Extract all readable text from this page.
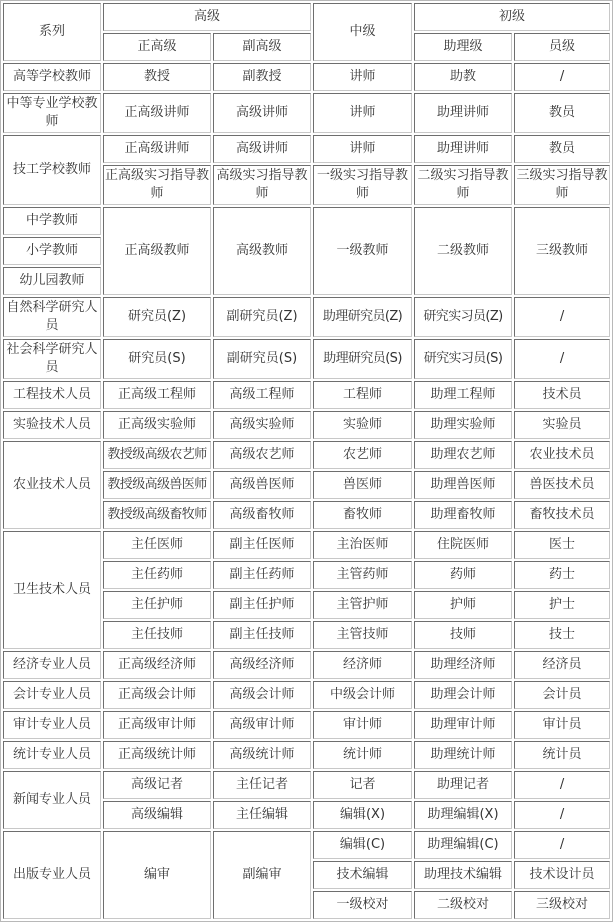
系列	高级		中级	初级	
	正高级	副高级		助理级	员级
高等学校教师	教授	副教授	讲师	助教	/
中等专业学校教师	正高级讲师	高级讲师	讲师	助理讲师	教员
技工学校教师	正高级讲师	高级讲师	讲师	助理讲师	教员
	正高级实习指导教师	高级实习指导教师	一级实习指导教师	二级实习指导教师	三级实习指导教师
中学教师	正高级教师	高级教师	一级教师	二级教师	三级教师
小学教师					
幼儿园教师					
自然科学研究人员	研究员(Z)	副研究员(Z)	助理研究员(Z)	研究实习员(Z)	/
社会科学研究人员	研究员(S)	副研究员(S)	助理研究员(S)	研究实习员(S)	/
工程技术人员	正高级工程师	高级工程师	工程师	助理工程师	技术员
实验技术人员	正高级实验师	高级实验师	实验师	助理实验师	实验员
农业技术人员	教授级高级农艺师	高级农艺师	农艺师	助理农艺师	农业技术员
	教授级高级兽医师	高级兽医师	兽医师	助理兽医师	兽医技术员
	教授级高级畜牧师	高级畜牧师	畜牧师	助理畜牧师	畜牧技术员
卫生技术人员	主任医师	副主任医师	主治医师	住院医师	医士
	主任药师	副主任药师	主管药师	药师	药士
	主任护师	副主任护师	主管护师	护师	护士
	主任技师	副主任技师	主管技师	技师	技士
经济专业人员	正高级经济师	高级经济师	经济师	助理经济师	经济员
会计专业人员	正高级会计师	高级会计师	中级会计师	助理会计师	会计员
审计专业人员	正高级审计师	高级审计师	审计师	助理审计师	审计员
统计专业人员	正高级统计师	高级统计师	统计师	助理统计师	统计员
新闻专业人员	高级记者	主任记者	记者	助理记者	/
	高级编辑	主任编辑	编辑(X)	助理编辑(X)	/
出版专业人员	编审	副编审	编辑(C)	助理编辑(C)	/
			技术编辑	助理技术编辑	技术设计员
			一级校对	二级校对	三级校对
